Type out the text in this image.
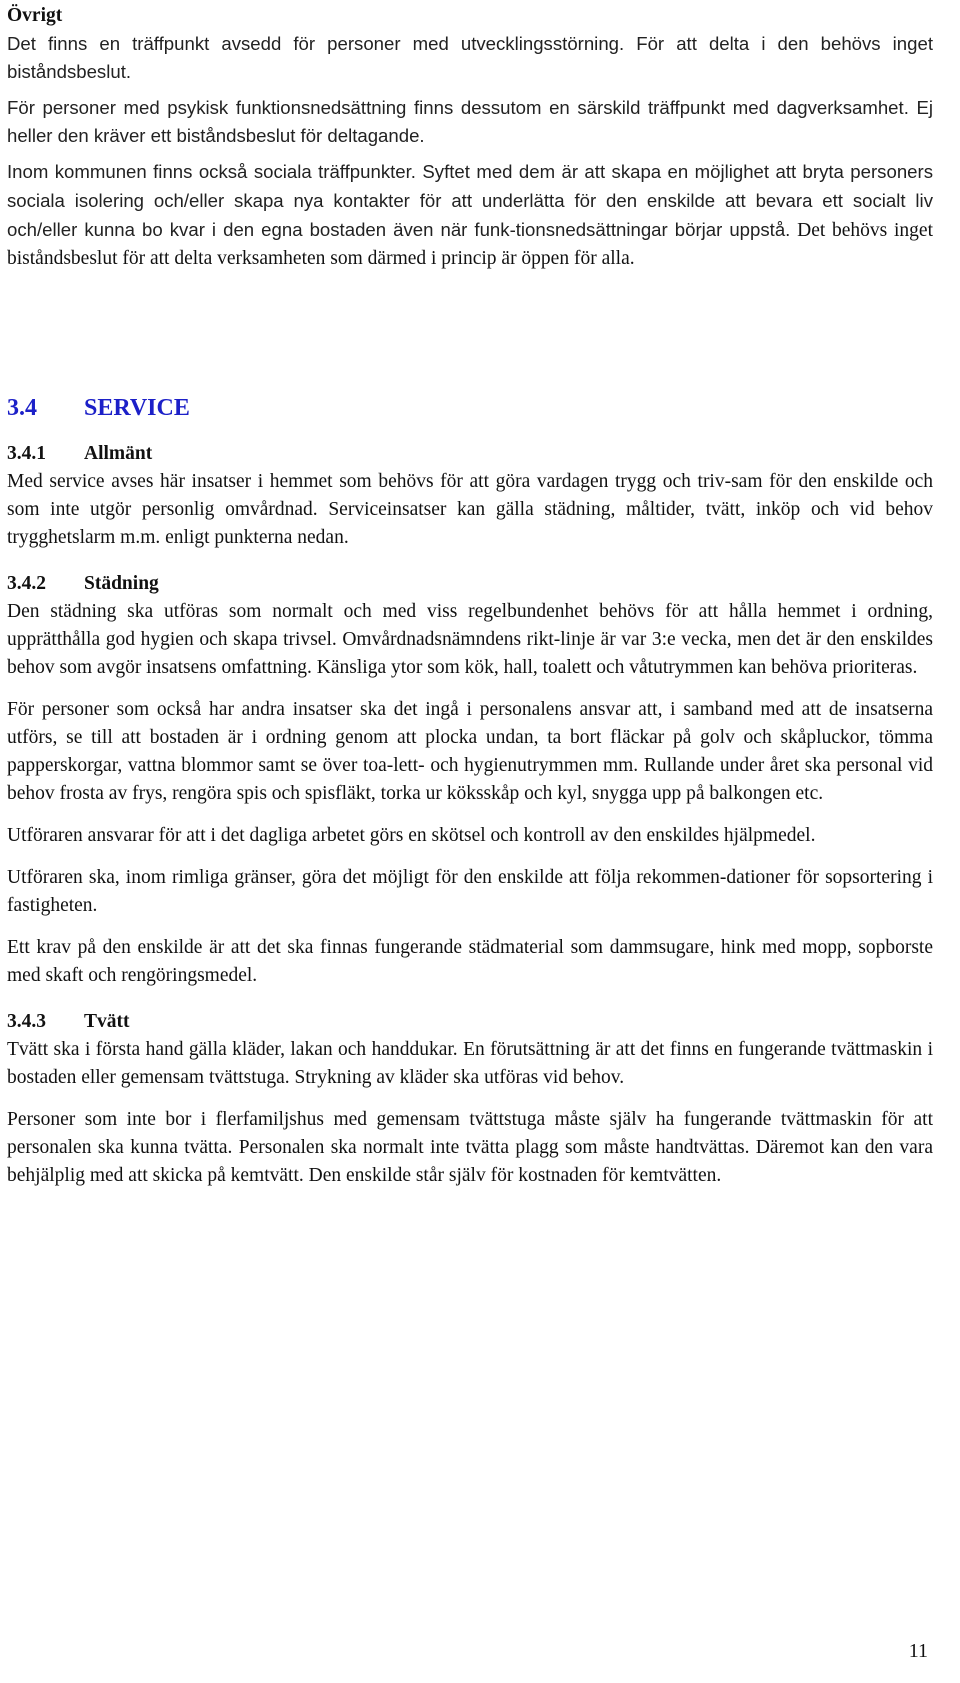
Övrigt

Det finns en träffpunkt avsedd för personer med utvecklingsstörning. För att delta i den behövs inget biståndsbeslut.

För personer med psykisk funktionsnedsättning finns dessutom en särskild träffpunkt med dagverksamhet. Ej heller den kräver ett biståndsbeslut för deltagande.

Inom kommunen finns också sociala träffpunkter. Syftet med dem är att skapa en möjlighet att bryta personers sociala isolering och/eller skapa nya kontakter för att underlätta för den enskilde att bevara ett socialt liv och/eller kunna bo kvar i den egna bostaden även när funk-tionsnedsättningar börjar uppstå. Det behövs inget biståndsbeslut för att delta verksamheten som därmed i princip är öppen för alla.

3.4 SERVICE
3.4.1 Allmänt

Med service avses här insatser i hemmet som behövs för att göra vardagen trygg och triv-sam för den enskilde och som inte utgör personlig omvårdnad. Serviceinsatser kan gälla städning, måltider, tvätt, inköp och vid behov trygghetslarm m.m. enligt punkterna nedan.

3.4.2 Städning

Den städning ska utföras som normalt och med viss regelbundenhet behövs för att hålla hemmet i ordning, upprätthålla god hygien och skapa trivsel. Omvårdnadsnämndens rikt-linje är var 3:e vecka, men det är den enskildes behov som avgör insatsens omfattning. Känsliga ytor som kök, hall, toalett och våtutrymmen kan behöva prioriteras.

För personer som också har andra insatser ska det ingå i personalens ansvar att, i samband med att de insatserna utförs, se till att bostaden är i ordning genom att plocka undan, ta bort fläckar på golv och skåpluckor, tömma papperskorgar, vattna blommor samt se över toa-lett- och hygienutrymmen mm. Rullande under året ska personal vid behov frosta av frys, rengöra spis och spisfläkt, torka ur köksskåp och kyl, snygga upp på balkongen etc.

Utföraren ansvarar för att i det dagliga arbetet görs en skötsel och kontroll av den enskildes hjälpmedel.

Utföraren ska, inom rimliga gränser, göra det möjligt för den enskilde att följa rekommen-dationer för sopsortering i fastigheten.

Ett krav på den enskilde är att det ska finnas fungerande städmaterial som dammsugare, hink med mopp, sopborste med skaft och rengöringsmedel.

3.4.3 Tvätt

Tvätt ska i första hand gälla kläder, lakan och handdukar. En förutsättning är att det finns en fungerande tvättmaskin i bostaden eller gemensam tvättstuga. Strykning av kläder ska utföras vid behov.

Personer som inte bor i flerfamiljshus med gemensam tvättstuga måste själv ha fungerande tvättmaskin för att personalen ska kunna tvätta. Personalen ska normalt inte tvätta plagg som måste handtvättas. Däremot kan den vara behjälplig med att skicka på kemtvätt. Den enskilde står själv för kostnaden för kemtvätten.

11
